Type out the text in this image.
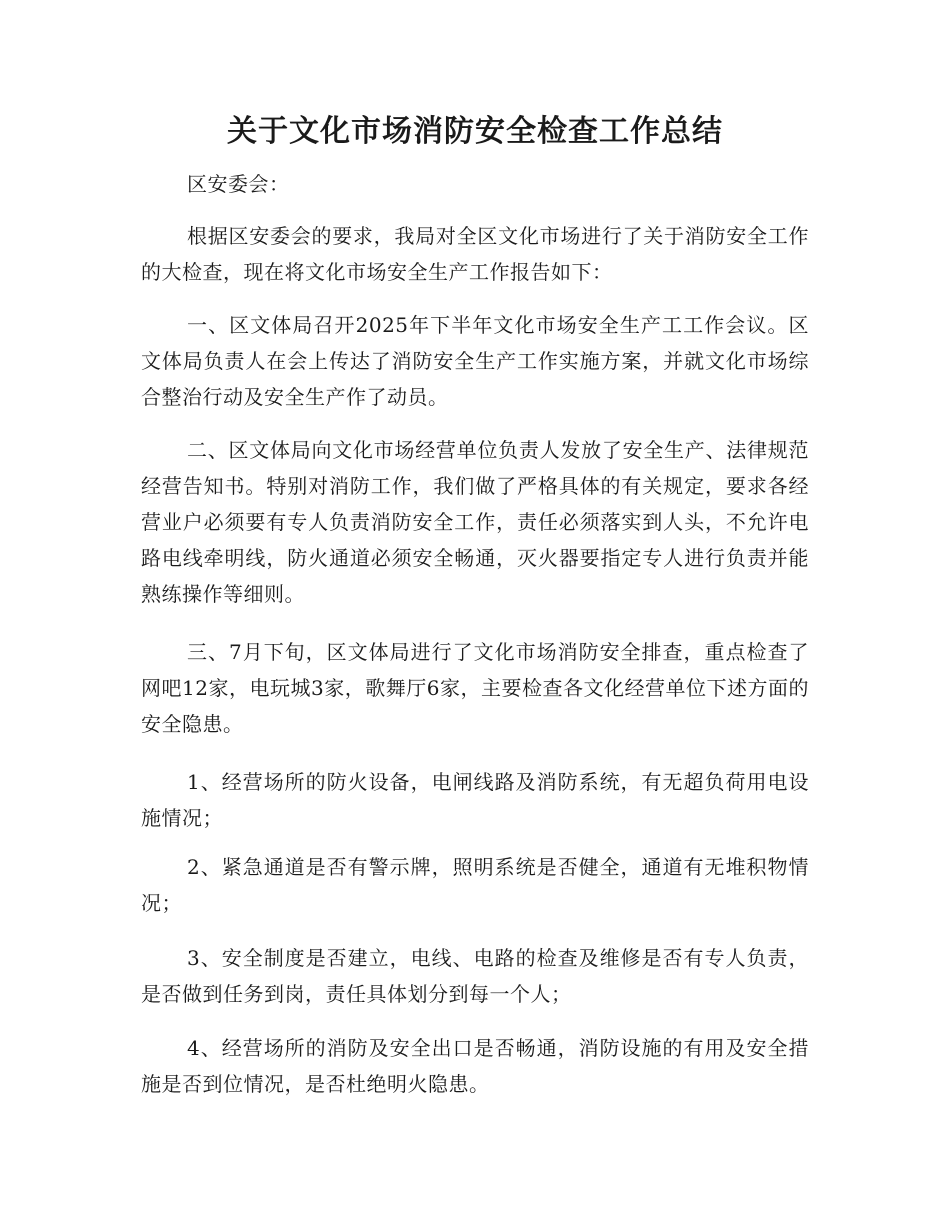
关于文化市场消防安全检查工作总结

区安委会：

根据区安委会的要求，我局对全区文化市场进行了关于消防安全工作的大检查，现在将文化市场安全生产工作报告如下：

一、区文体局召开2025年下半年文化市场安全生产工工作会议。区文体局负责人在会上传达了消防安全生产工作实施方案，并就文化市场综合整治行动及安全生产作了动员。

二、区文体局向文化市场经营单位负责人发放了安全生产、法律规范经营告知书。特别对消防工作，我们做了严格具体的有关规定，要求各经营业户必须要有专人负责消防安全工作，责任必须落实到人头，不允许电路电线牵明线，防火通道必须安全畅通，灭火器要指定专人进行负责并能熟练操作等细则。

三、7月下旬，区文体局进行了文化市场消防安全排查，重点检查了网吧12家，电玩城3家，歌舞厅6家，主要检查各文化经营单位下述方面的安全隐患。

1、经营场所的防火设备，电闸线路及消防系统，有无超负荷用电设施情况；

2、紧急通道是否有警示牌，照明系统是否健全，通道有无堆积物情况；

3、安全制度是否建立，电线、电路的检查及维修是否有专人负责，是否做到任务到岗，责任具体划分到每一个人；

4、经营场所的消防及安全出口是否畅通，消防设施的有用及安全措施是否到位情况，是否杜绝明火隐患。
